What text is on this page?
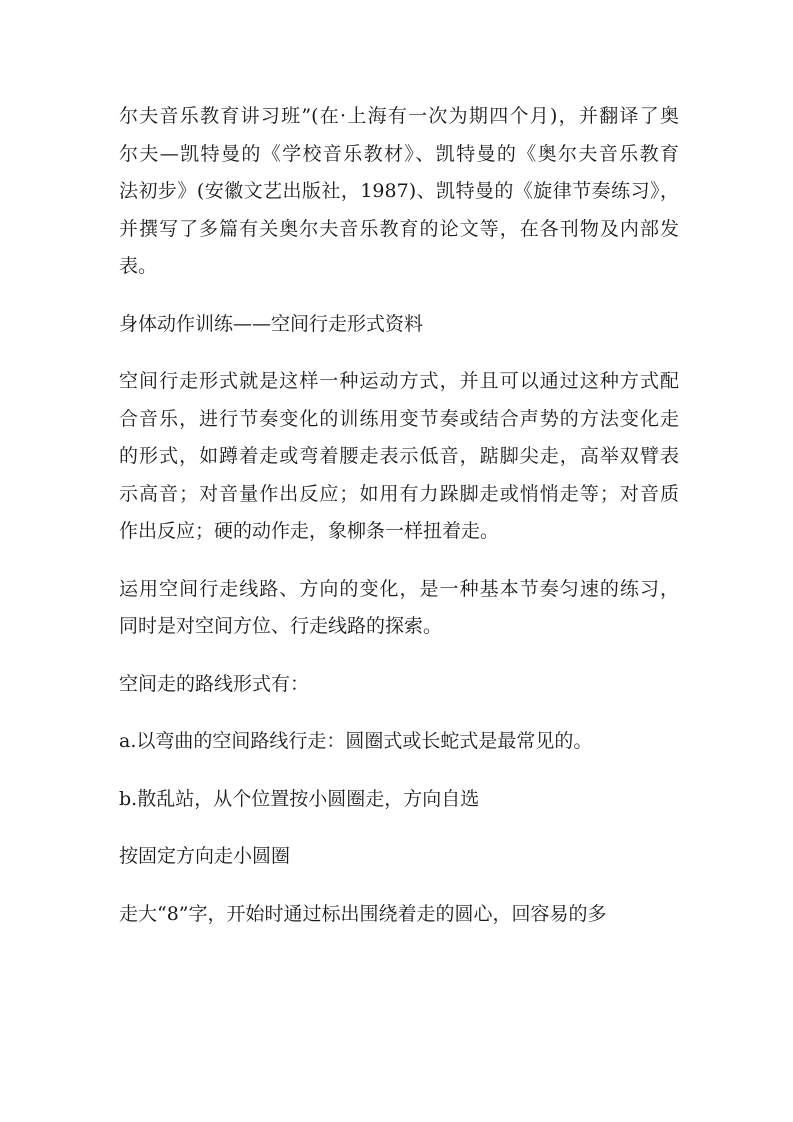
尔夫音乐教育讲习班”(在·上海有一次为期四个月)，并翻译了奥
尔夫—凯特曼的《学校音乐教材》、凯特曼的《奥尔夫音乐教育
法初步》(安徽文艺出版社，1987)、凯特曼的《旋律节奏练习》，
并撰写了多篇有关奥尔夫音乐教育的论文等，在各刊物及内部发
表。
身体动作训练——空间行走形式资料
空间行走形式就是这样一种运动方式，并且可以通过这种方式配
合音乐，进行节奏变化的训练用变节奏或结合声势的方法变化走
的形式，如蹲着走或弯着腰走表示低音，踮脚尖走，高举双臂表
示高音；对音量作出反应；如用有力跺脚走或悄悄走等；对音质
作出反应；硬的动作走，象柳条一样扭着走。
运用空间行走线路、方向的变化，是一种基本节奏匀速的练习，
同时是对空间方位、行走线路的探索。
空间走的路线形式有：
a.以弯曲的空间路线行走：圆圈式或长蛇式是最常见的。
b.散乱站，从个位置按小圆圈走，方向自选
按固定方向走小圆圈
走大“8”字，开始时通过标出围绕着走的圆心，回容易的多
